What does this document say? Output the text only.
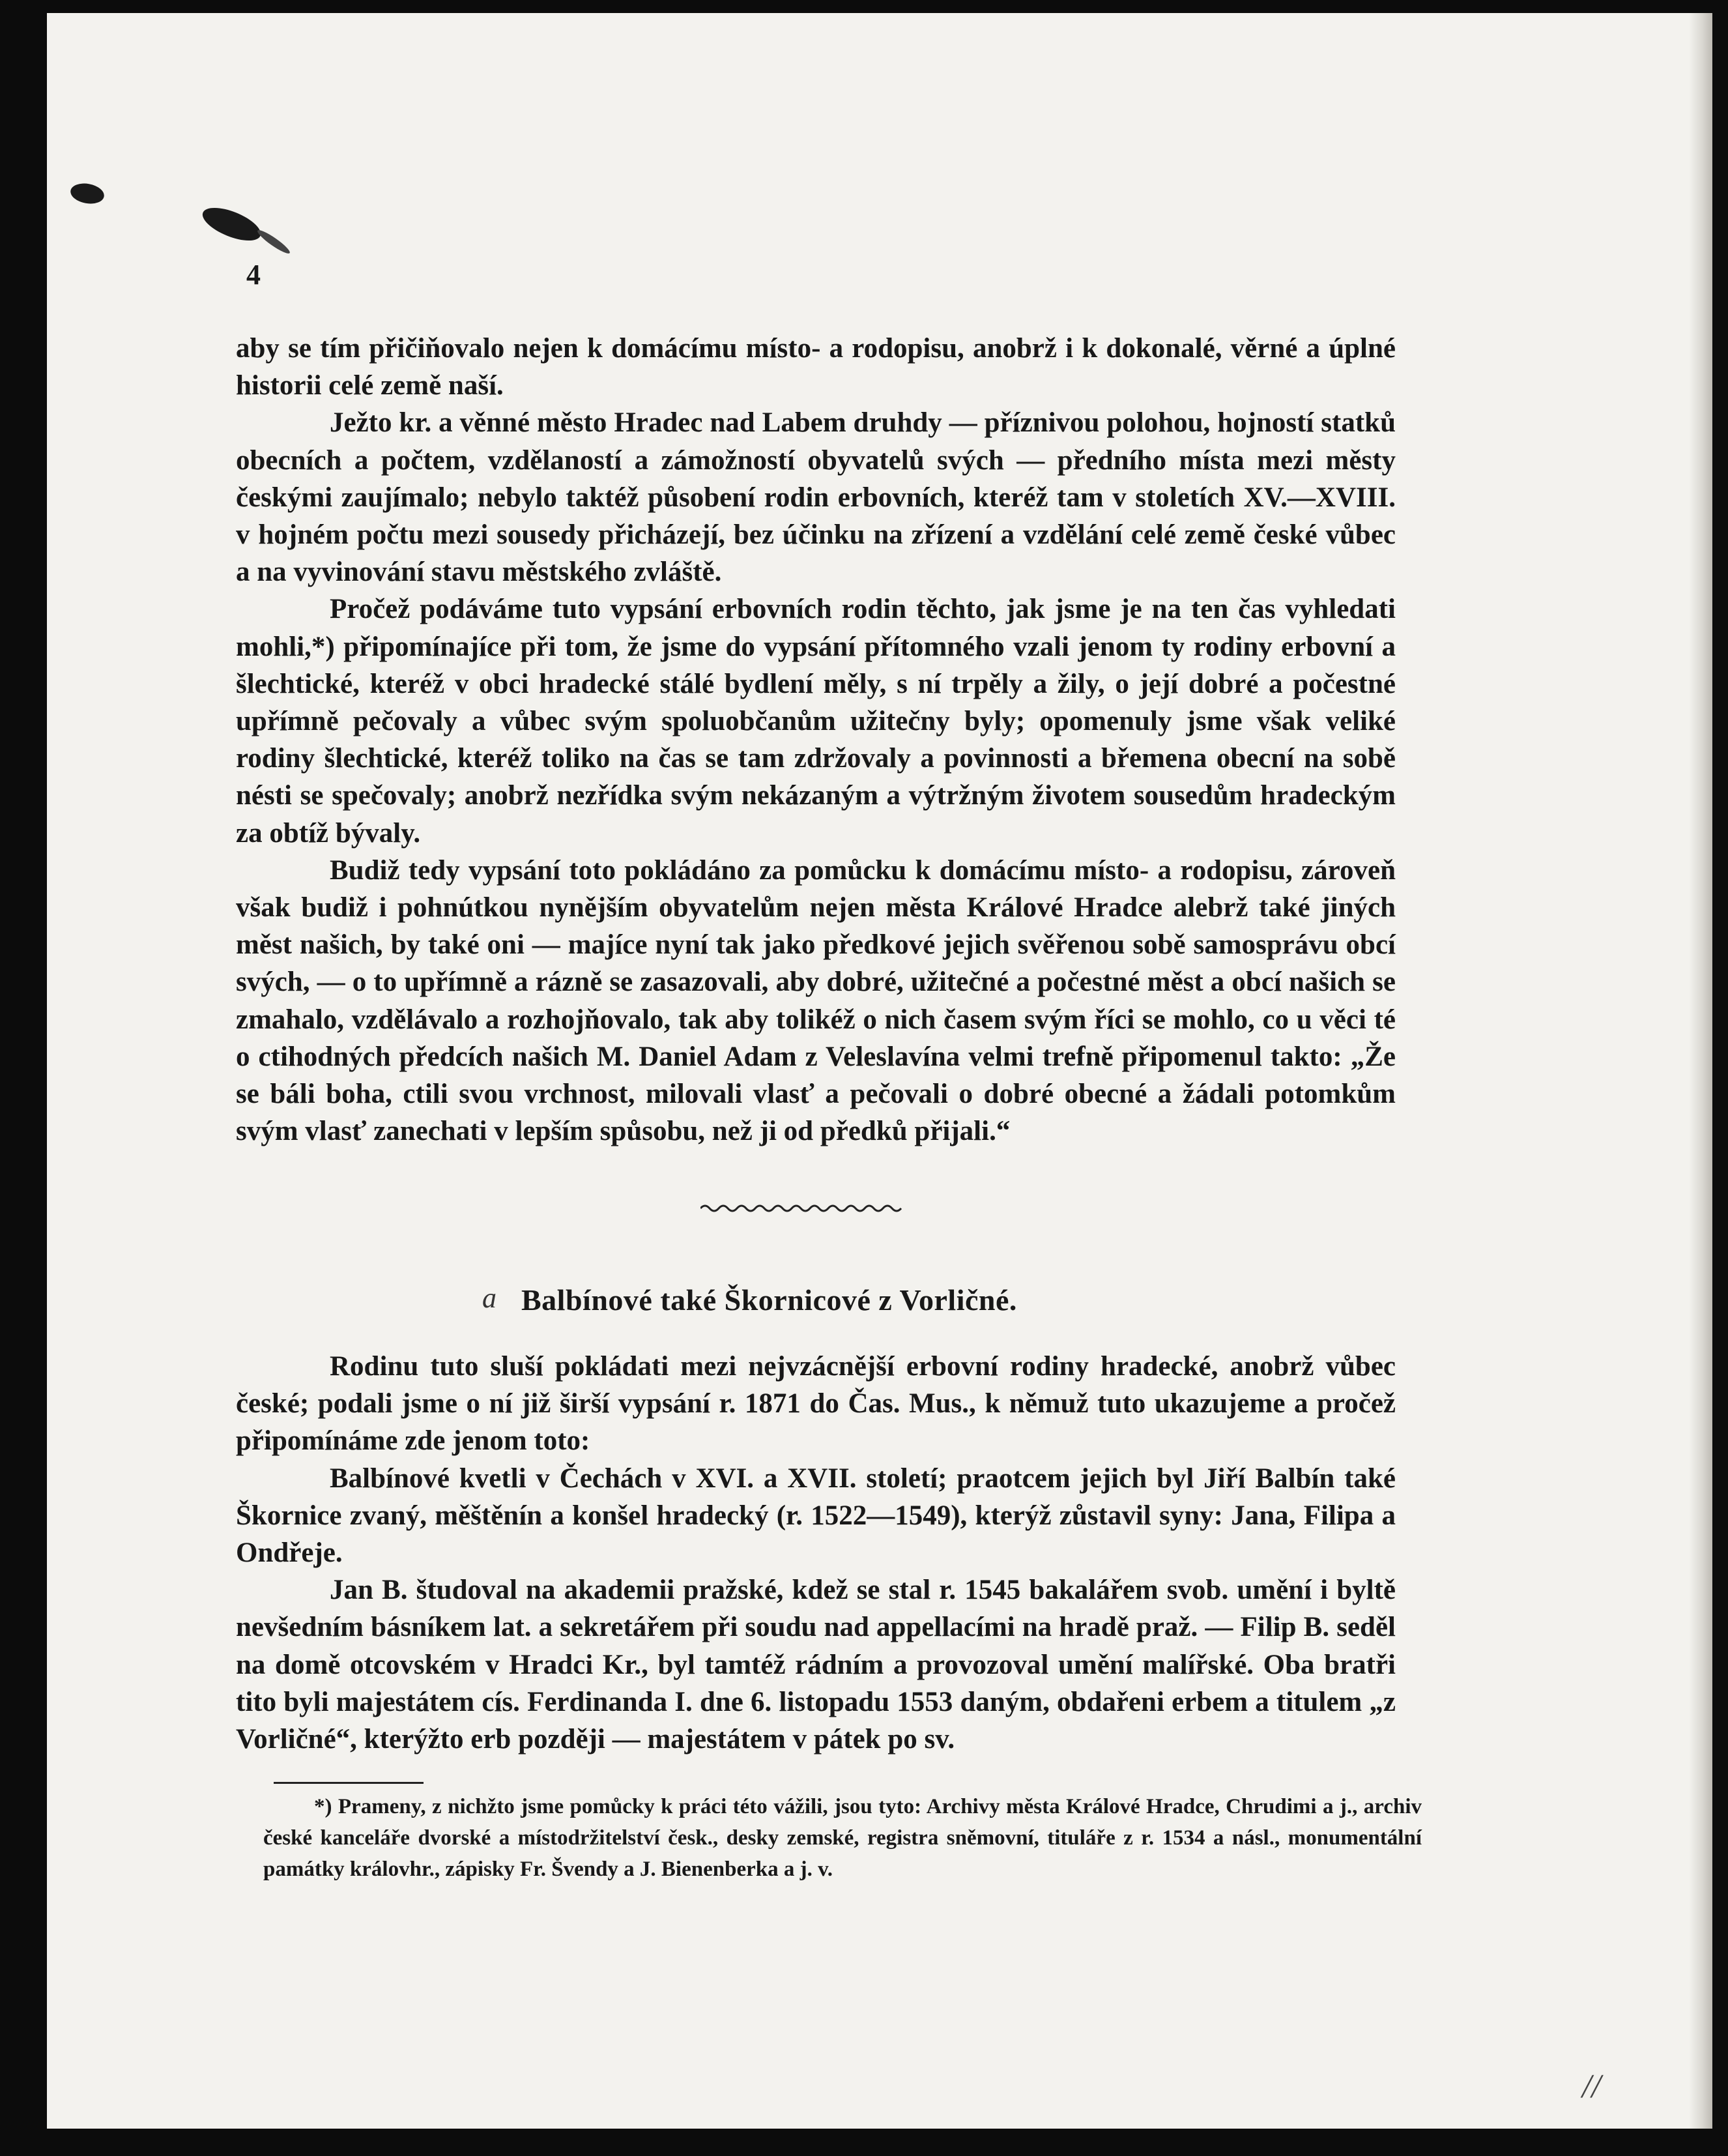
4

aby se tím přičiňovalo nejen k domácímu místo- a rodopisu, anobrž i k dokonalé, věrné a úplné historii celé země naší.

Ježto kr. a věnné město Hradec nad Labem druhdy — příznivou polohou, hojností statků obecních a počtem, vzdělaností a zámožností obyvatelů svých — předního místa mezi městy českými zaujímalo; nebylo taktéž působení rodin erbovních, kteréž tam v stoletích XV.—XVIII. v hojném počtu mezi sousedy přicházejí, bez účinku na zřízení a vzdělání celé země české vůbec a na vyvinování stavu městského zvláště.

Pročež podáváme tuto vypsání erbovních rodin těchto, jak jsme je na ten čas vyhledati mohli,*) připomínajíce při tom, že jsme do vypsání přítomného vzali jenom ty rodiny erbovní a šlechtické, kteréž v obci hradecké stálé bydlení měly, s ní trpěly a žily, o její dobré a počestné upřímně pečovaly a vůbec svým spoluobčanům užitečny byly; opomenuly jsme však veliké rodiny šlechtické, kteréž toliko na čas se tam zdržovaly a povinnosti a břemena obecní na sobě nésti se spečovaly; anobrž nezřídka svým nekázaným a výtržným životem sousedům hradeckým za obtíž bývaly.

Budiž tedy vypsání toto pokládáno za pomůcku k domácímu místo- a rodopisu, zároveň však budiž i pohnútkou nynějším obyvatelům nejen města Králové Hradce alebrž také jiných měst našich, by také oni — majíce nyní tak jako předkové jejich svěřenou sobě samosprávu obcí svých, — o to upřímně a rázně se zasazovali, aby dobré, užitečné a počestné měst a obcí našich se zmahalo, vzdělávalo a rozhojňovalo, tak aby tolikéž o nich časem svým říci se mohlo, co u věci té o ctihodných předcích našich M. Daniel Adam z Veleslavína velmi trefně připomenul takto: „Že se báli boha, ctili svou vrchnost, milovali vlasť a pečovali o dobré obecné a žádali potomkům svým vlasť zanechati v lepším spůsobu, než ji od předků přijali.“

a Balbínové také Škornicové z Vorličné.

Rodinu tuto sluší pokládati mezi nejvzácnější erbovní rodiny hradecké, anobrž vůbec české; podali jsme o ní již širší vypsání r. 1871 do Čas. Mus., k němuž tuto ukazujeme a pročež připomínáme zde jenom toto:

Balbínové kvetli v Čechách v XVI. a XVII. století; praotcem jejich byl Jiří Balbín také Škornice zvaný, měštěnín a konšel hradecký (r. 1522—1549), kterýž zůstavil syny: Jana, Filipa a Ondřeje.

Jan B. študoval na akademii pražské, kdež se stal r. 1545 bakalářem svob. umění i byltě nevšedním básníkem lat. a sekretářem při soudu nad appellacími na hradě praž. — Filip B. seděl na domě otcovském v Hradci Kr., byl tamtéž rádním a provozoval umění malířské. Oba bratři tito byli majestátem cís. Ferdinanda I. dne 6. listopadu 1553 daným, obdařeni erbem a titulem „z Vorličné“, kterýžto erb později — majestátem v pátek po sv.

*) Prameny, z nichžto jsme pomůcky k práci této vážili, jsou tyto: Archivy města Králové Hradce, Chrudimi a j., archiv české kanceláře dvorské a místodržitelství česk., desky zemské, registra sněmovní, tituláře z r. 1534 a násl., monumentální památky královhr., zápisky Fr. Švendy a J. Bienenberka a j. v.

//
